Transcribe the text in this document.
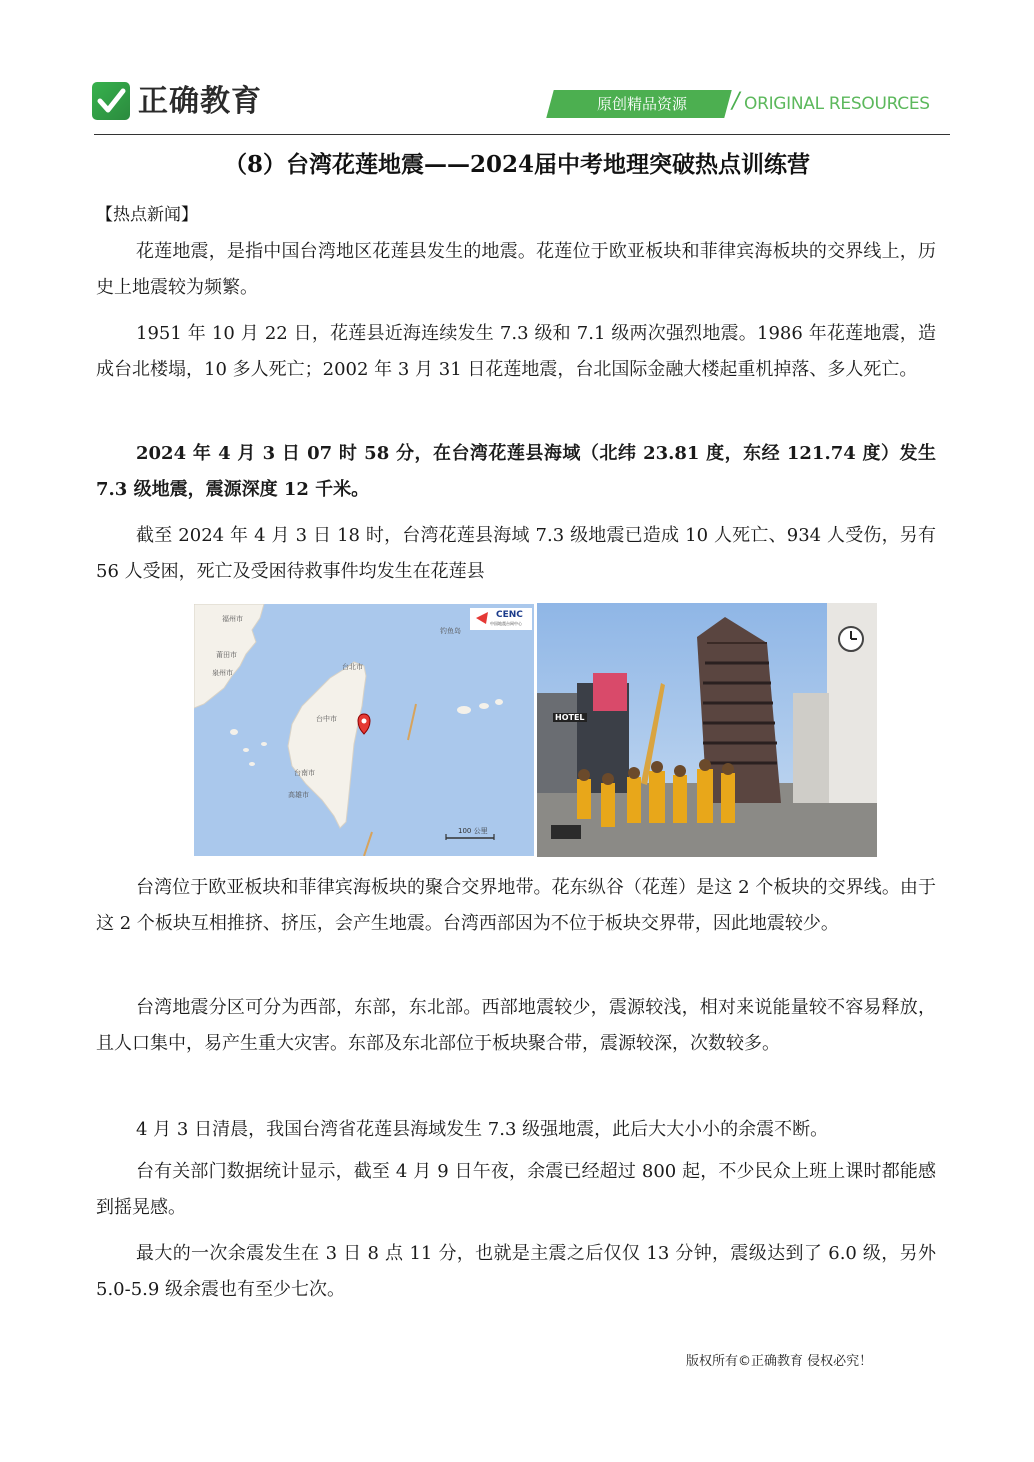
正确教育	原创精品资源	/ ORIGINAL RESOURCES
（8）台湾花莲地震——2024届中考地理突破热点训练营
【热点新闻】

花莲地震，是指中国台湾地区花莲县发生的地震。花莲位于欧亚板块和菲律宾海板块的交界线上，历史上地震较为频繁。

1951 年 10 月 22 日，花莲县近海连续发生 7.3 级和 7.1 级两次强烈地震。1986 年花莲地震，造成台北楼塌，10 多人死亡；2002 年 3 月 31 日花莲地震，台北国际金融大楼起重机掉落、多人死亡。

2024 年 4 月 3 日 07 时 58 分，在台湾花莲县海域（北纬 23.81 度，东经 121.74 度）发生 7.3 级地震，震源深度 12 千米。

截至 2024 年 4 月 3 日 18 时，台湾花莲县海域 7.3 级地震已造成 10 人死亡、934 人受伤，另有 56 人受困，死亡及受困待救事件均发生在花莲县

福州市
莆田市
泉州市
钓鱼岛
台北市
台中市
台南市
高雄市
100 公里
CENC
中国地震台网中心
HOTEL

台湾位于欧亚板块和菲律宾海板块的聚合交界地带。花东纵谷（花莲）是这 2 个板块的交界线。由于这 2 个板块互相推挤、挤压，会产生地震。台湾西部因为不位于板块交界带，因此地震较少。

台湾地震分区可分为西部，东部，东北部。西部地震较少，震源较浅，相对来说能量较不容易释放，且人口集中，易产生重大灾害。东部及东北部位于板块聚合带，震源较深，次数较多。

4 月 3 日清晨，我国台湾省花莲县海域发生 7.3 级强地震，此后大大小小的余震不断。

台有关部门数据统计显示，截至 4 月 9 日午夜，余震已经超过 800 起，不少民众上班上课时都能感到摇晃感。

最大的一次余震发生在 3 日 8 点 11 分，也就是主震之后仅仅 13 分钟，震级达到了 6.0 级，另外 5.0-5.9 级余震也有至少七次。

版权所有©正确教育 侵权必究！
